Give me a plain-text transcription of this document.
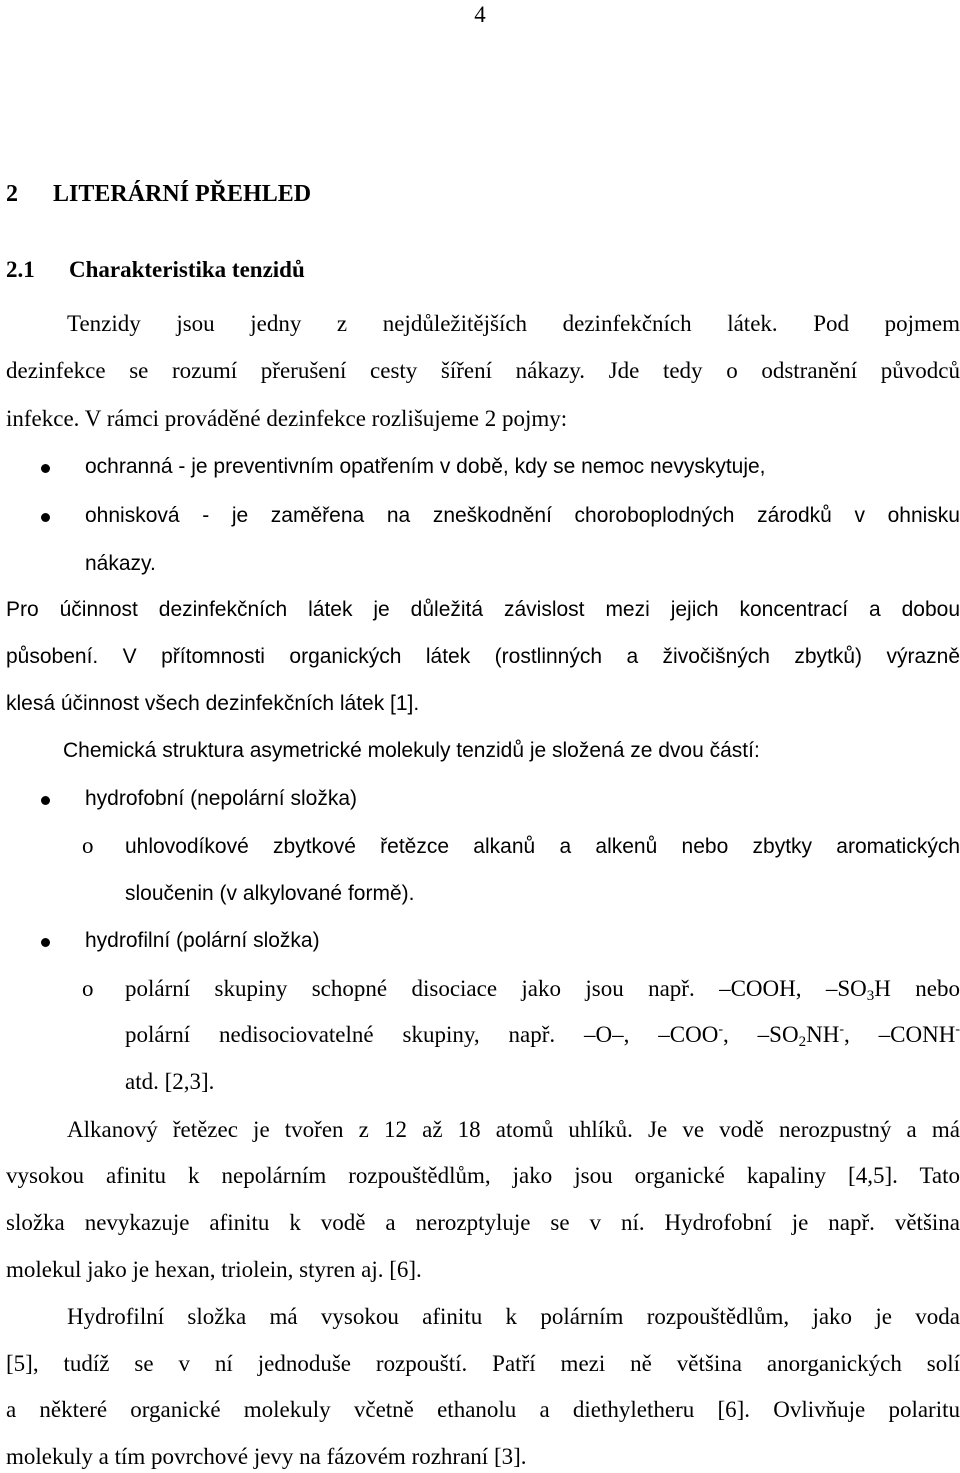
4
2 LITERÁRNÍ PŘEHLED
2.1 Charakteristika tenzidů
Tenzidy jsou jedny z nejdůležitějších dezinfekčních látek. Pod pojmem
dezinfekce se rozumí přerušení cesty šíření nákazy. Jde tedy o odstranění původců
infekce. V rámci prováděné dezinfekce rozlišujeme 2 pojmy:
ochranná - je preventivním opatřením v době, kdy se nemoc nevyskytuje,
ohnisková - je zaměřena na zneškodnění choroboplodných zárodků v ohnisku
nákazy.
Pro účinnost dezinfekčních látek je důležitá závislost mezi jejich koncentrací a dobou
působení. V přítomnosti organických látek (rostlinných a živočišných zbytků) výrazně
klesá účinnost všech dezinfekčních látek [1].
Chemická struktura asymetrické molekuly tenzidů je složená ze dvou částí:
hydrofobní (nepolární složka)
o uhlovodíkové zbytkové řetězce alkanů a alkenů nebo zbytky aromatických
sloučenin (v alkylované formě).
hydrofilní (polární složka)
o polární skupiny schopné disociace jako jsou např. –COOH, $-SO_3H$ nebo
polární nedisociovatelné skupiny, např. –O–, –COO-, $-SO_2NH^-$, –CONH-
atd. [2,3].
Alkanový řetězec je tvořen z 12 až 18 atomů uhlíků. Je ve vodě nerozpustný a má
vysokou afinitu k nepolárním rozpouštědlům, jako jsou organické kapaliny [4,5]. Tato
složka nevykazuje afinitu k vodě a nerozptyluje se v ní. Hydrofobní je např. většina
molekul jako je hexan, triolein, styren aj. [6].
Hydrofilní složka má vysokou afinitu k polárním rozpouštědlům, jako je voda
[5], tudíž se v ní jednoduše rozpouští. Patří mezi ně většina anorganických solí
a některé organické molekuly včetně ethanolu a diethyletheru [6]. Ovlivňuje polaritu
molekuly a tím povrchové jevy na fázovém rozhraní [3].
